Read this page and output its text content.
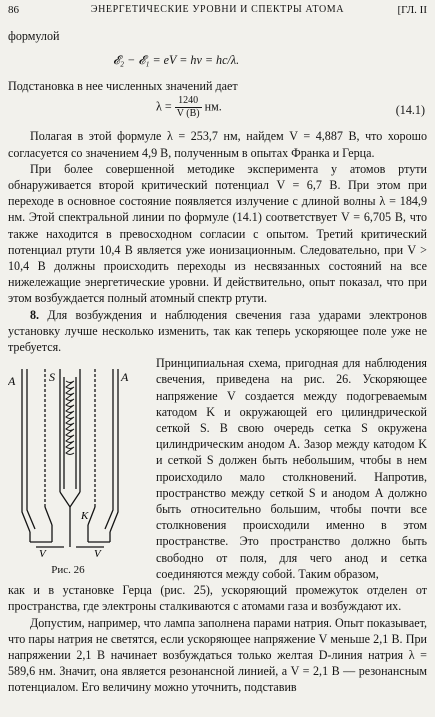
86	ЭНЕРГЕТИЧЕСКИЕ УРОВНИ И СПЕКТРЫ АТОМА	[ГЛ. II

формулой

𝓔₂ − 𝓔₁ = eV = hν = hc/λ.

Подстановка в нее численных значений дает

$\lambda = \frac{1240}{V (В)}$ нм.	(14.1)

Полагая в этой формуле λ = 253,7 нм, найдем V = 4,887 В, что хорошо согласуется со значением 4,9 В, полученным в опытах Франка и Герца.

При более совершенной методике эксперимента у атомов ртути обнаруживается второй критический потенциал V = 6,7 В. При этом при переходе в основное состояние появляется излучение с длиной волны λ = 184,9 нм. Этой спектральной линии по формуле (14.1) соответствует V = 6,705 В, что также находится в превосходном согласии с опытом. Третий критический потенциал ртути 10,4 В является уже ионизационным. Следовательно, при V > 10,4 В должны происходить переходы из несвязанных состояний на все нижележащие энергетические уровни. И действительно, опыт показал, что при этом возбуждается полный атомный спектр ртути.

8. Для возбуждения и наблюдения свечения газа ударами электронов установку лучше несколько изменить, так как теперь ускоряющее поле уже не требуется.

A	S	A
K
V	V
Рис. 26

Принципиальная схема, пригодная для наблюдения свечения, приведена на рис. 26. Ускоряющее напряжение V создается между подогреваемым катодом K и окружающей его цилиндрической сеткой S. В свою очередь сетка S окружена цилиндрическим анодом A. Зазор между катодом K и сеткой S должен быть небольшим, чтобы в нем происходило мало столкновений. Напротив, пространство между сеткой S и анодом A должно быть относительно большим, чтобы почти все столкновения происходили именно в этом пространстве. Это пространство должно быть свободно от поля, для чего анод и сетка соединяются между собой. Таким образом,

как и в установке Герца (рис. 25), ускоряющий промежуток отделен от пространства, где электроны сталкиваются с атомами газа и возбуждают их.

Допустим, например, что лампа заполнена парами натрия. Опыт показывает, что пары натрия не светятся, если ускоряющее напряжение V меньше 2,1 В. При напряжении 2,1 В начинает возбуждаться только желтая D-линия натрия λ = 589,6 нм. Значит, она является резонансной линией, а V = 2,1 В — резонансным потенциалом. Его величину можно уточнить, подставив
